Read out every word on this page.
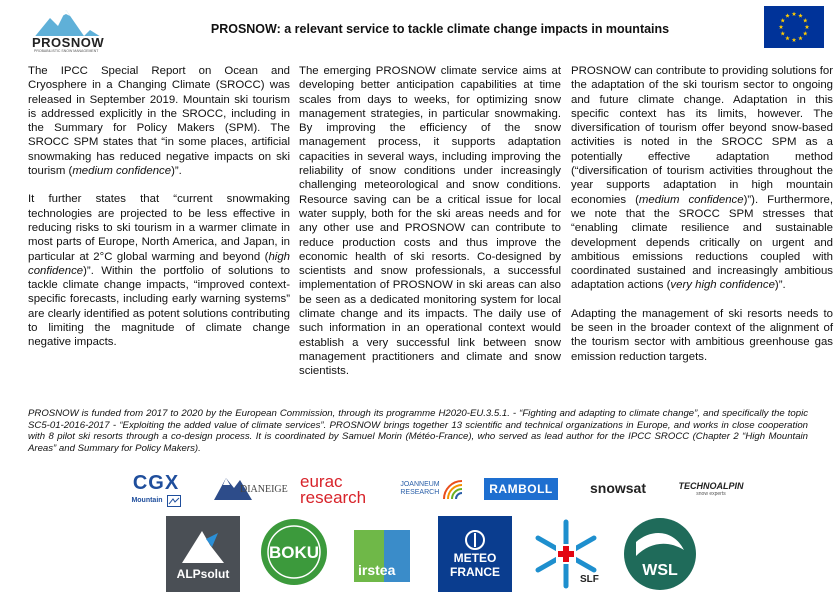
PROSNOW
PROBABILISTIC SNOW MANAGEMENT
PROSNOW: a relevant service to tackle climate change impacts in mountains

The IPCC Special Report on Ocean and Cryosphere in a Changing Climate (SROCC) was released in September 2019. Mountain ski tourism is addressed explicitly in the SROCC, including in the Summary for Policy Makers (SPM). The SROCC SPM states that “in some places, artificial snowmaking has reduced negative impacts on ski tourism (medium confidence)”.

It further states that “current snowmaking technologies are projected to be less effective in reducing risks to ski tourism in a warmer climate in most parts of Europe, North America, and Japan, in particular at 2°C global warming and beyond (high confidence)”. Within the portfolio of solutions to tackle climate change impacts, “improved context-specific forecasts, including early warning systems” are clearly identified as potent solutions contributing to limiting the magnitude of climate change negative impacts.

The emerging PROSNOW climate service aims at developing better anticipation capabilities at time scales from days to weeks, for optimizing snow management strategies, in particular snowmaking. By improving the efficiency of the snow management process, it supports adaptation capacities in several ways, including improving the reliability of snow conditions under increasingly challenging meteorological and snow conditions. Resource saving can be a critical issue for local water supply, both for the ski areas needs and for any other use and PROSNOW can contribute to reduce production costs and thus improve the economic health of ski resorts. Co-designed by scientists and snow professionals, a successful implementation of PROSNOW in ski areas can also be seen as a dedicated monitoring system for local climate change and its impacts. The daily use of such information in an operational context would establish a very successful link between snow management practitioners and climate and snow scientists.

PROSNOW can contribute to providing solutions for the adaptation of the ski tourism sector to ongoing and future climate change. Adaptation in this specific context has its limits, however. The diversification of tourism offer beyond snow-based activities is noted in the SROCC SPM as a potentially effective adaptation method (“diversification of tourism activities throughout the year supports adaptation in high mountain economies (medium confidence)”). Furthermore, we note that the SROCC SPM stresses that “enabling climate resilience and sustainable development depends critically on urgent and ambitious emissions reductions coupled with coordinated sustained and increasingly ambitious adaptation actions (very high confidence)”.

Adapting the management of ski resorts needs to be seen in the broader context of the alignment of the tourism sector with ambitious greenhouse gas emission reduction targets.

PROSNOW is funded from 2017 to 2020 by the European Commission, through its programme H2020-EU.3.5.1. - “Fighting and adapting to climate change”, and specifically the topic SC5-01-2016-2017 - “Exploiting the added value of climate services”. PROSNOW brings together 13 scientific and technical organizations in Europe, and works in close cooperation with 8 pilot ski resorts through a co-design process. It is coordinated by Samuel Morin (Météo-France), who served as lead author for the IPCC SROCC (Chapter 2 “High Mountain Areas” and Summary for Policy Makers).
CGX
Mountain
DIANEIGE eurac
research
JOANNEUM
RESEARCH	RAMBOLL	snowsat	TECHNOALPIN
snow experts
ALPsolut
BOKU
irstea
METEO
FRANCE
SLF
WSL
